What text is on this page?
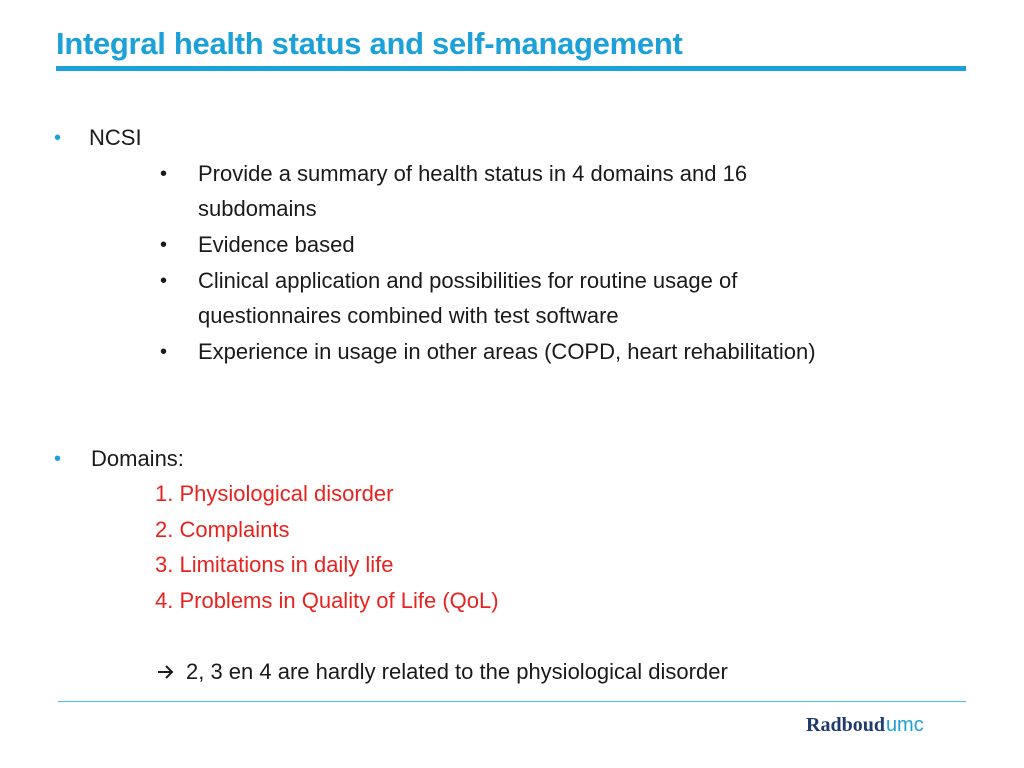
Integral health status and self-management
• NCSI
• Provide a summary of health status in 4 domains and 16
subdomains
• Evidence based
• Clinical application and possibilities for routine usage of
questionnaires combined with test software
• Experience in usage in other areas (COPD, heart rehabilitation)
• Domains:
1. Physiological disorder
2. Complaints
3. Limitations in daily life
4. Problems in Quality of Life (QoL)
2, 3 en 4 are hardly related to the physiological disorder
Radboudumc
